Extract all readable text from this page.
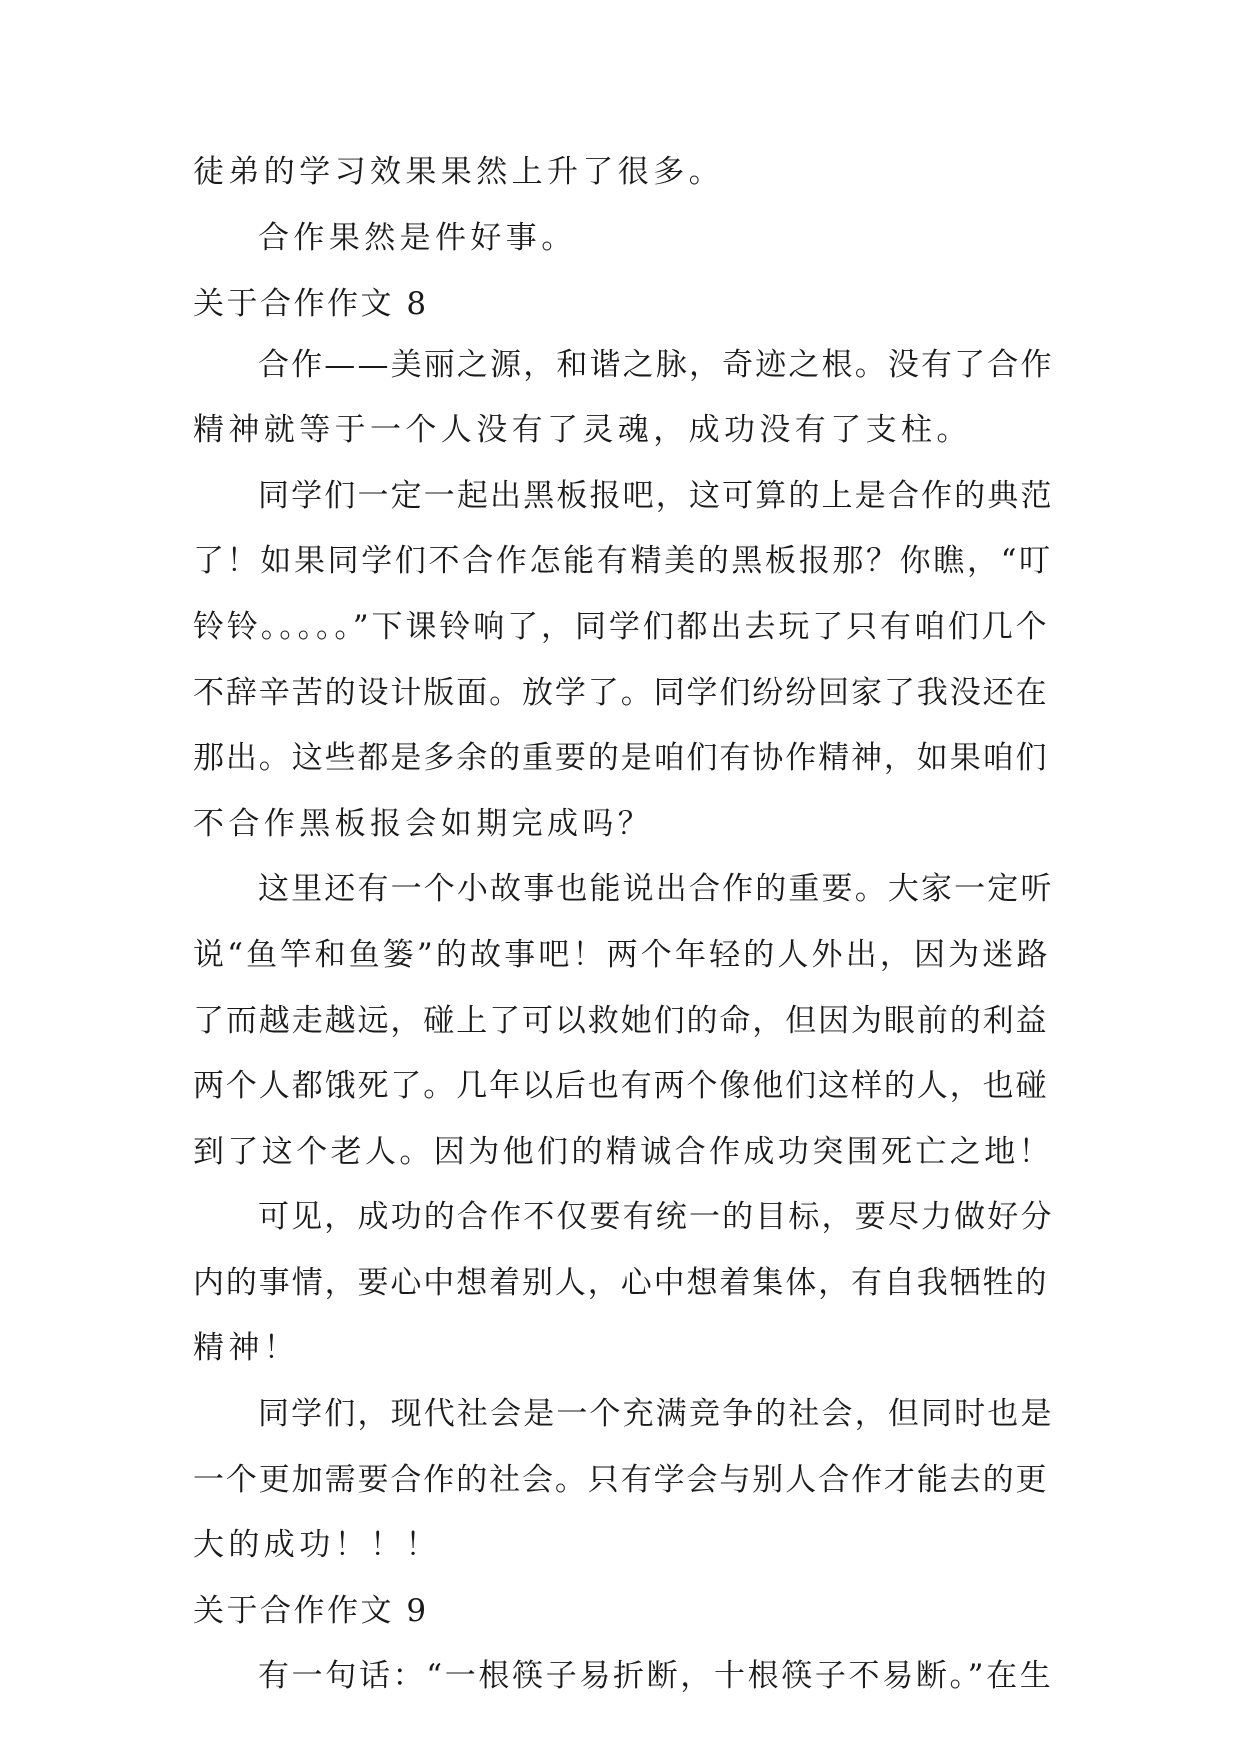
徒弟的学习效果果然上升了很多。
合作果然是件好事。
关于合作作文 8
合作——美丽之源，和谐之脉，奇迹之根。没有了合作
精神就等于一个人没有了灵魂，成功没有了支柱。
同学们一定一起出黑板报吧，这可算的上是合作的典范
了！如果同学们不合作怎能有精美的黑板报那？你瞧，“叮
铃铃。。。。。”下课铃响了，同学们都出去玩了只有咱们几个
不辞辛苦的设计版面。放学了。同学们纷纷回家了我没还在
那出。这些都是多余的重要的是咱们有协作精神，如果咱们
不合作黑板报会如期完成吗？
这里还有一个小故事也能说出合作的重要。大家一定听
说“鱼竿和鱼篓”的故事吧！两个年轻的人外出，因为迷路
了而越走越远，碰上了可以救她们的命，但因为眼前的利益
两个人都饿死了。几年以后也有两个像他们这样的人，也碰
到了这个老人。因为他们的精诚合作成功突围死亡之地！
可见，成功的合作不仅要有统一的目标，要尽力做好分
内的事情，要心中想着别人，心中想着集体，有自我牺牲的
精神！
同学们，现代社会是一个充满竞争的社会，但同时也是
一个更加需要合作的社会。只有学会与别人合作才能去的更
大的成功！！！
关于合作作文 9
有一句话：“一根筷子易折断，十根筷子不易断。”在生
